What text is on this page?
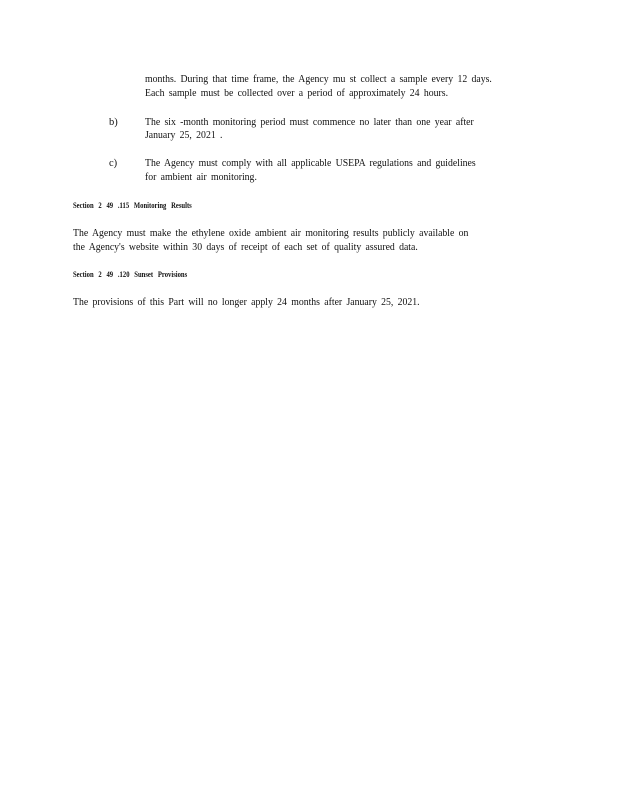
months. During that time frame, the Agency mu st collect a sample every 12 days.
Each sample must be collected over a period of approximately 24 hours.
b)	The six -month monitoring period must commence no later than one year after
January 25, 2021 .
c)	The Agency must comply with all applicable USEPA regulations and guidelines
for ambient air monitoring.
Section 2 49 .115 Monitoring Results
The Agency must make the ethylene oxide ambient air monitoring results publicly available on
the Agency's website within 30 days of receipt of each set of quality assured data.
Section 2 49 .120 Sunset Provisions
The provisions of this Part will no longer apply 24 months after January 25, 2021.
